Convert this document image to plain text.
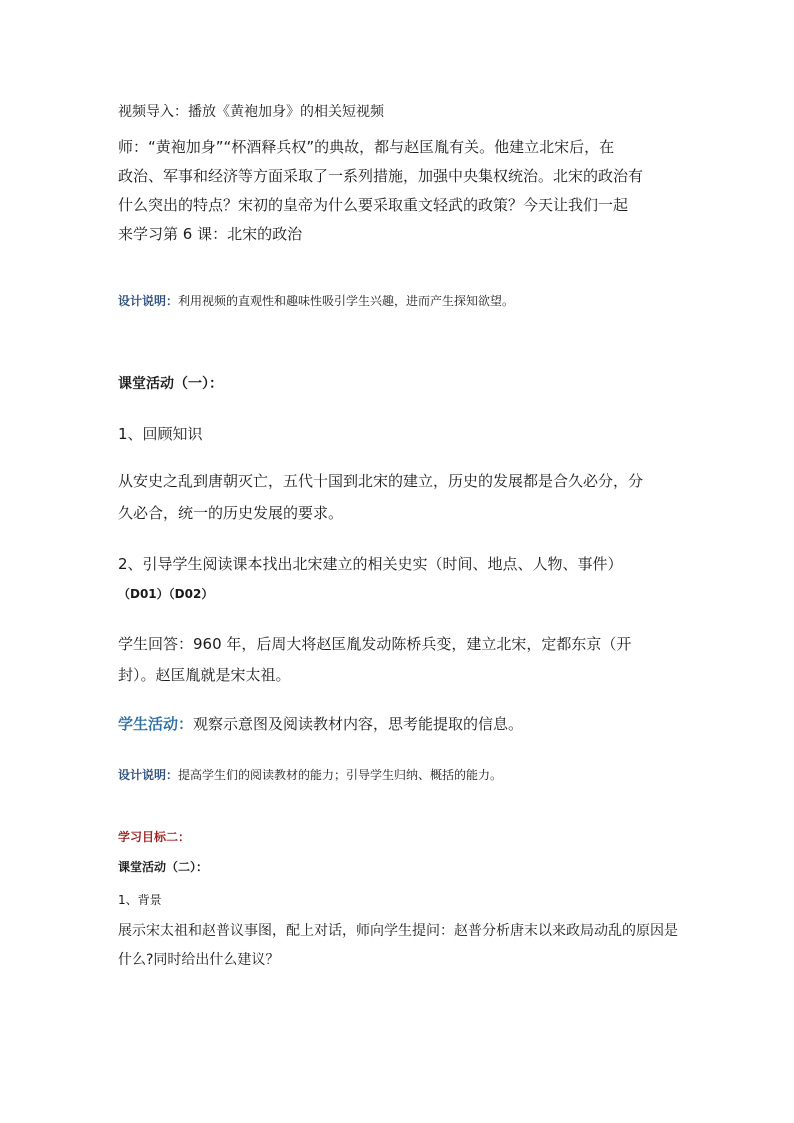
视频导入：播放《黄袍加身》的相关短视频
师：“黄袍加身”“杯酒释兵权”的典故，都与赵匡胤有关。他建立北宋后，在
政治、军事和经济等方面采取了一系列措施，加强中央集权统治。北宋的政治有
什么突出的特点？宋初的皇帝为什么要采取重文轻武的政策？今天让我们一起
来学习第 6 课：北宋的政治
设计说明：利用视频的直观性和趣味性吸引学生兴趣，进而产生探知欲望。
课堂活动（一）：
1、回顾知识
从安史之乱到唐朝灭亡，五代十国到北宋的建立，历史的发展都是合久必分，分
久必合，统一的历史发展的要求。
2、引导学生阅读课本找出北宋建立的相关史实（时间、地点、人物、事件）
（D01）（D02）
学生回答：960 年，后周大将赵匡胤发动陈桥兵变，建立北宋，定都东京（开
封）。赵匡胤就是宋太祖。
学生活动：观察示意图及阅读教材内容，思考能提取的信息。
设计说明：提高学生们的阅读教材的能力；引导学生归纳、概括的能力。
学习目标二：
课堂活动（二）：
1、背景
展示宋太祖和赵普议事图，配上对话，师向学生提问：赵普分析唐末以来政局动乱的原因是
什么?同时给出什么建议？
